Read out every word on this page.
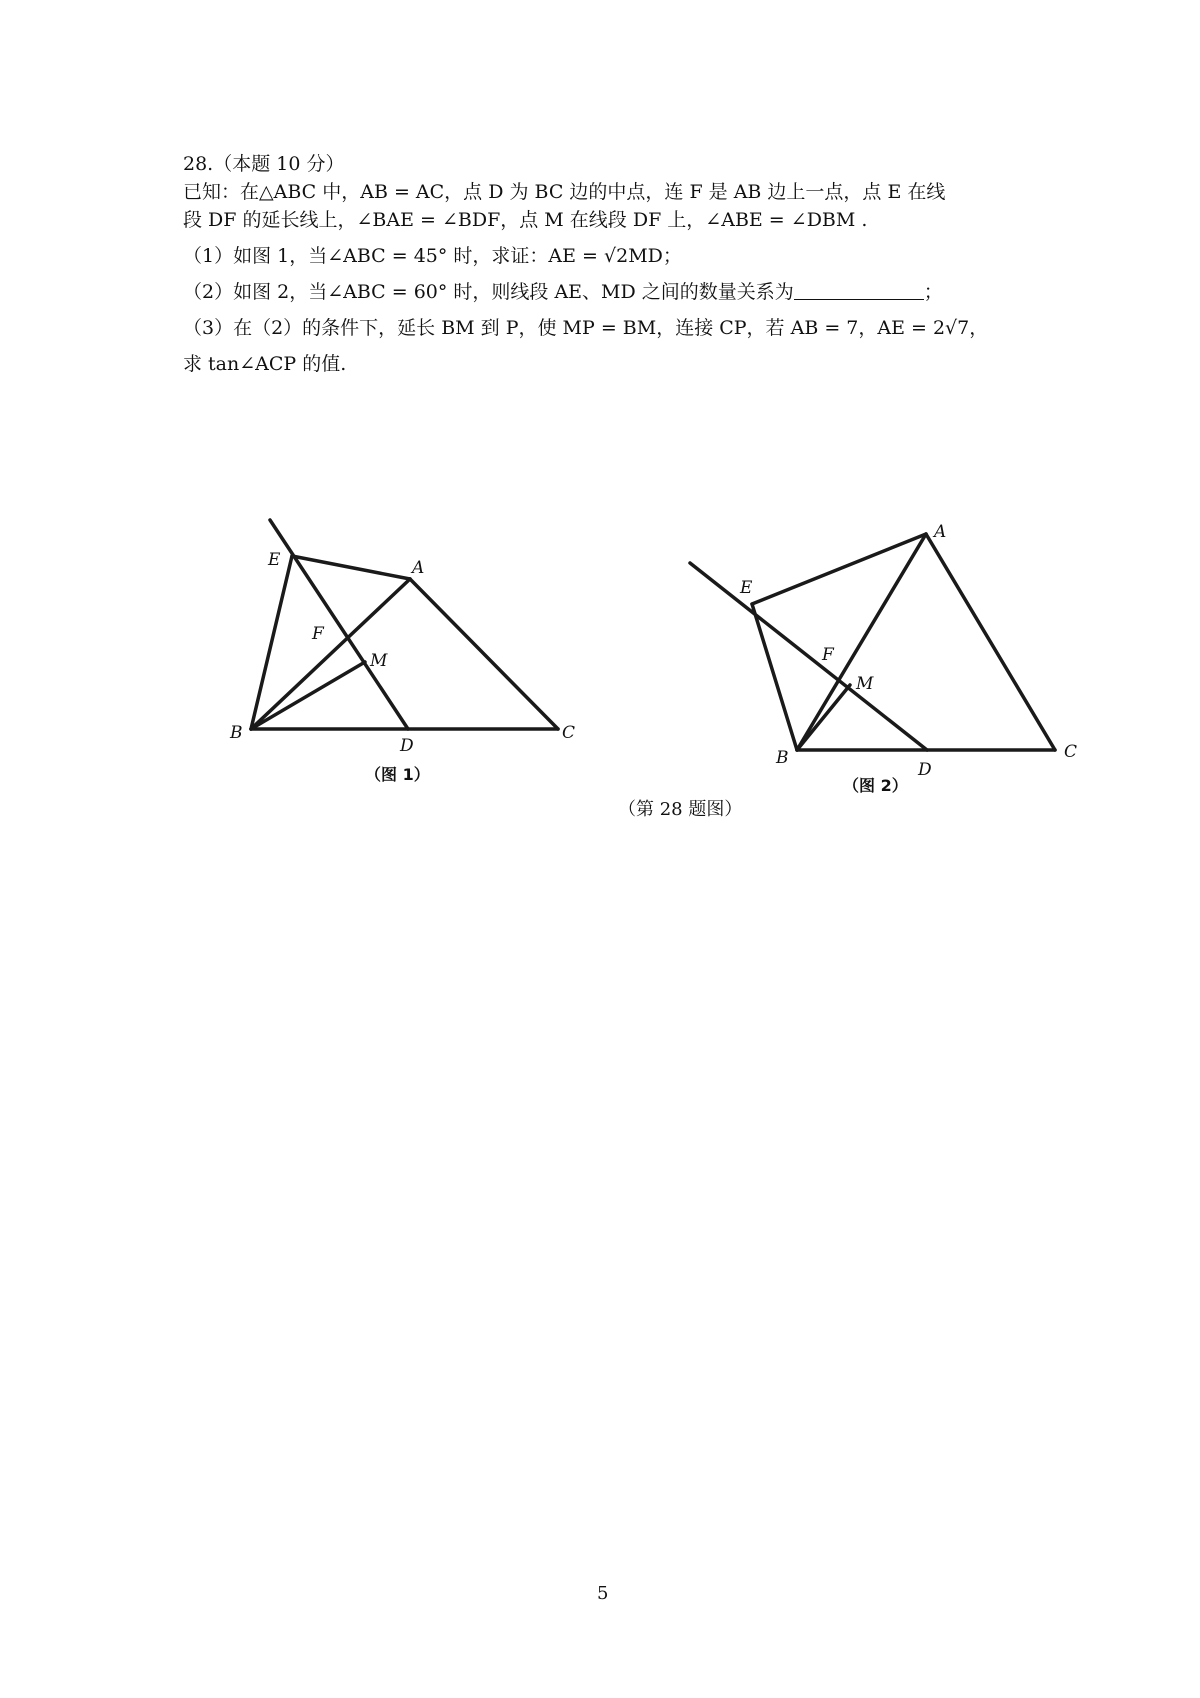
28.（本题 10 分）
已知：在△ABC 中，AB = AC，点 D 为 BC 边的中点，连 F 是 AB 边上一点，点 E 在线
段 DF 的延长线上，∠BAE = ∠BDF，点 M 在线段 DF 上，∠ABE = ∠DBM .
（1）如图 1，当∠ABC = 45° 时，求证：AE = √2MD；
（2）如图 2，当∠ABC = 60° 时，则线段 AE、MD 之间的数量关系为	；
（3）在（2）的条件下，延长 BM 到 P，使 MP = BM，连接 CP，若 AB = 7，AE = 2√7，
求 tan∠ACP 的值.
E	A
F
M
B
D
C
（图 1）
A
E
F
M
B
D
C
（图 2）
（第 28 题图）
5
